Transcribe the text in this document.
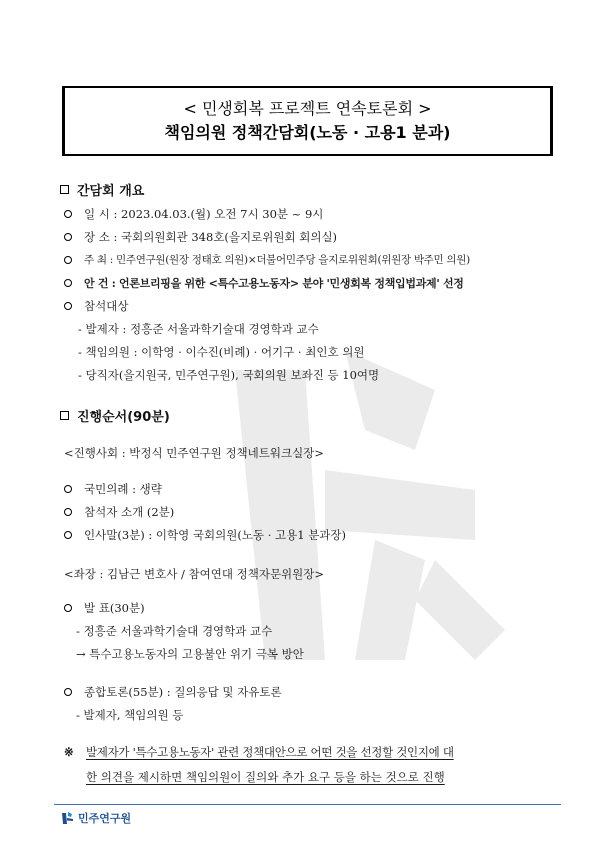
< 민생회복 프로젝트 연속토론회 >
책임의원 정책간담회(노동 · 고용1 분과)
간담회 개요
일 시 : 2023.04.03.(월) 오전 7시 30분 ~ 9시
장 소 : 국회의원회관 348호(을지로위원회 회의실)
주 최 : 민주연구원(원장 정태호 의원)×더불어민주당 을지로위원회(위원장 박주민 의원)
안 건 : 언론브리핑을 위한 <특수고용노동자> 분야 '민생회복 정책입법과제' 선정
참석대상
- 발제자 : 정흥준 서울과학기술대 경영학과 교수
- 책임의원 : 이학영 · 이수진(비례) · 어기구 · 최인호 의원
- 당직자(을지원국, 민주연구원), 국회의원 보좌진 등 10여명
진행순서(90분)
<진행사회 : 박정식 민주연구원 정책네트워크실장>
국민의례 : 생략
참석자 소개 (2분)
인사말(3분) : 이학영 국회의원(노동 · 고용1 분과장)
<좌장 : 김남근 변호사 / 참여연대 정책자문위원장>
발 표(30분)
- 정흥준 서울과학기술대 경영학과 교수
→ 특수고용노동자의 고용불안 위기 극복 방안
종합토론(55분) : 질의응답 및 자유토론
- 발제자, 책임의원 등
※	발제자가 '특수고용노동자' 관련 정책대안으로 어떤 것을 선정할 것인지에 대
한 의견을 제시하면 책임의원이 질의와 추가 요구 등을 하는 것으로 진행
민주연구원
